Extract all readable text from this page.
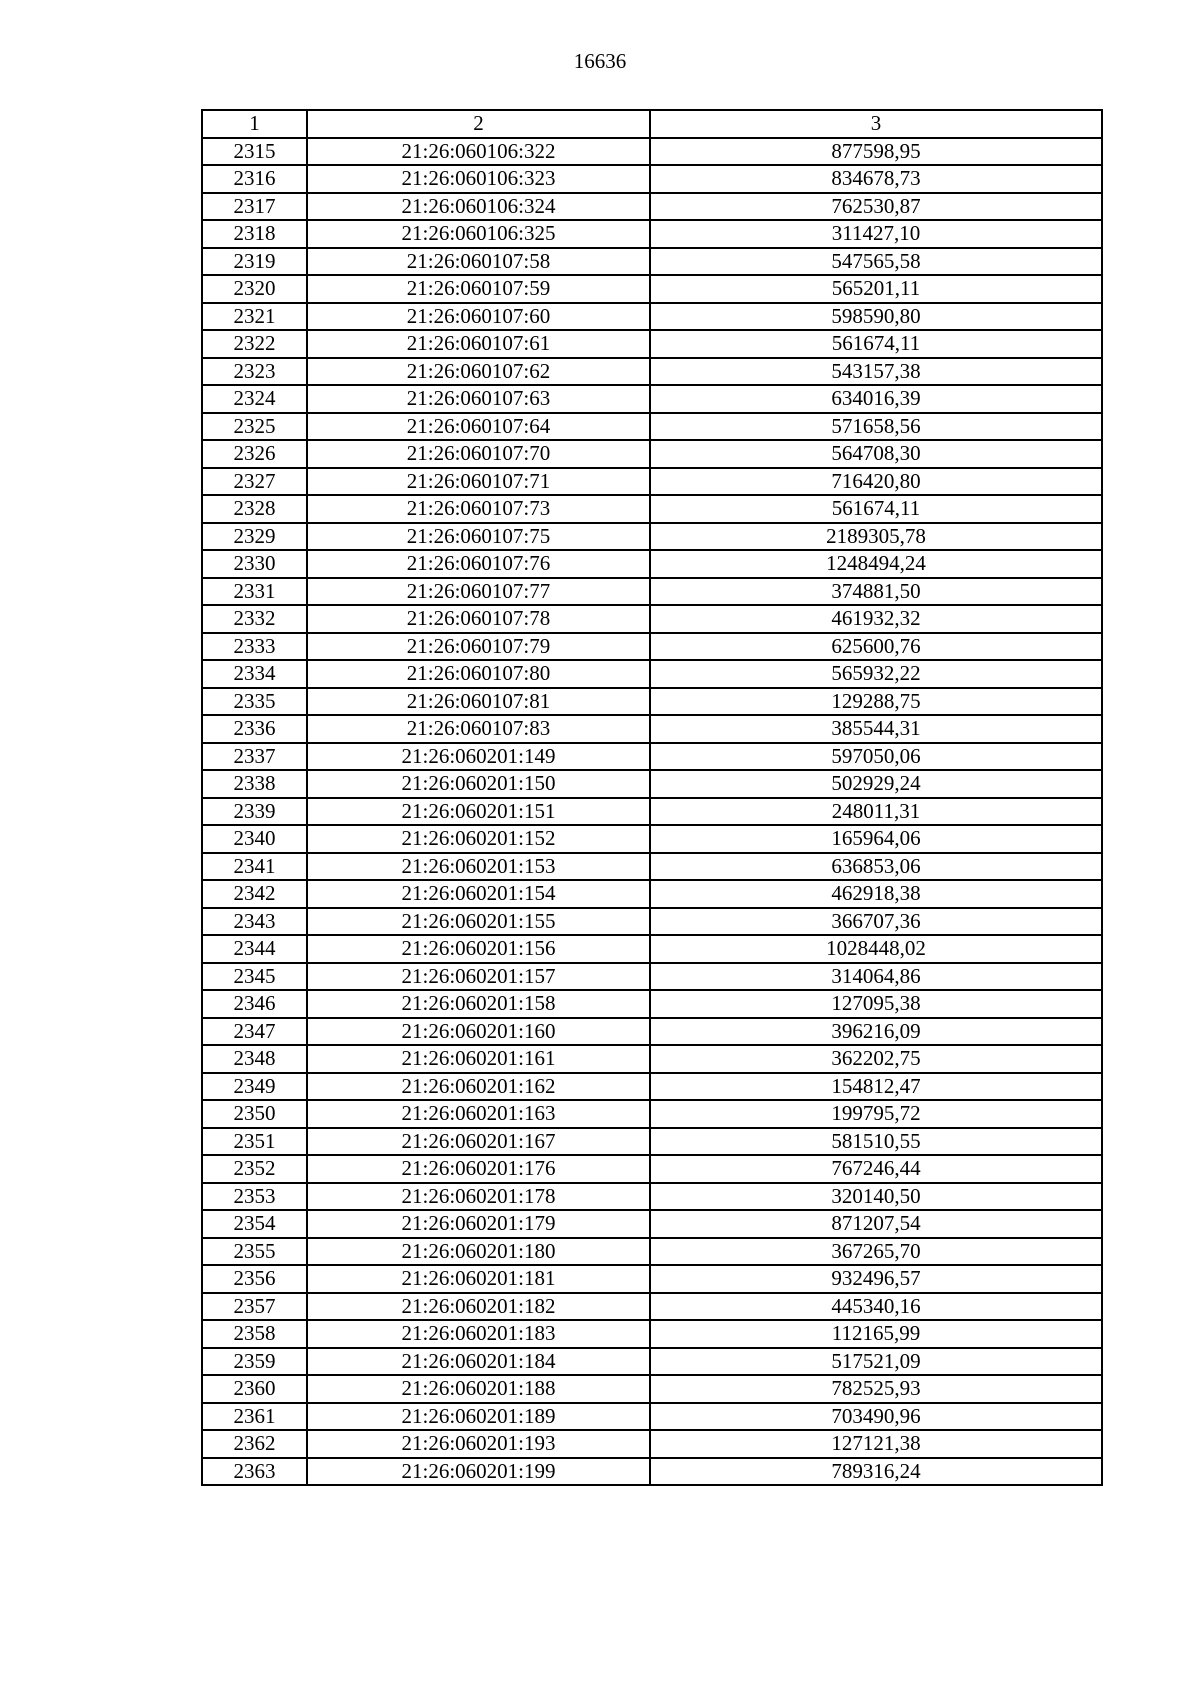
16636
1	2	3
2315	21:26:060106:322	877598,95
2316	21:26:060106:323	834678,73
2317	21:26:060106:324	762530,87
2318	21:26:060106:325	311427,10
2319	21:26:060107:58	547565,58
2320	21:26:060107:59	565201,11
2321	21:26:060107:60	598590,80
2322	21:26:060107:61	561674,11
2323	21:26:060107:62	543157,38
2324	21:26:060107:63	634016,39
2325	21:26:060107:64	571658,56
2326	21:26:060107:70	564708,30
2327	21:26:060107:71	716420,80
2328	21:26:060107:73	561674,11
2329	21:26:060107:75	2189305,78
2330	21:26:060107:76	1248494,24
2331	21:26:060107:77	374881,50
2332	21:26:060107:78	461932,32
2333	21:26:060107:79	625600,76
2334	21:26:060107:80	565932,22
2335	21:26:060107:81	129288,75
2336	21:26:060107:83	385544,31
2337	21:26:060201:149	597050,06
2338	21:26:060201:150	502929,24
2339	21:26:060201:151	248011,31
2340	21:26:060201:152	165964,06
2341	21:26:060201:153	636853,06
2342	21:26:060201:154	462918,38
2343	21:26:060201:155	366707,36
2344	21:26:060201:156	1028448,02
2345	21:26:060201:157	314064,86
2346	21:26:060201:158	127095,38
2347	21:26:060201:160	396216,09
2348	21:26:060201:161	362202,75
2349	21:26:060201:162	154812,47
2350	21:26:060201:163	199795,72
2351	21:26:060201:167	581510,55
2352	21:26:060201:176	767246,44
2353	21:26:060201:178	320140,50
2354	21:26:060201:179	871207,54
2355	21:26:060201:180	367265,70
2356	21:26:060201:181	932496,57
2357	21:26:060201:182	445340,16
2358	21:26:060201:183	112165,99
2359	21:26:060201:184	517521,09
2360	21:26:060201:188	782525,93
2361	21:26:060201:189	703490,96
2362	21:26:060201:193	127121,38
2363	21:26:060201:199	789316,24
